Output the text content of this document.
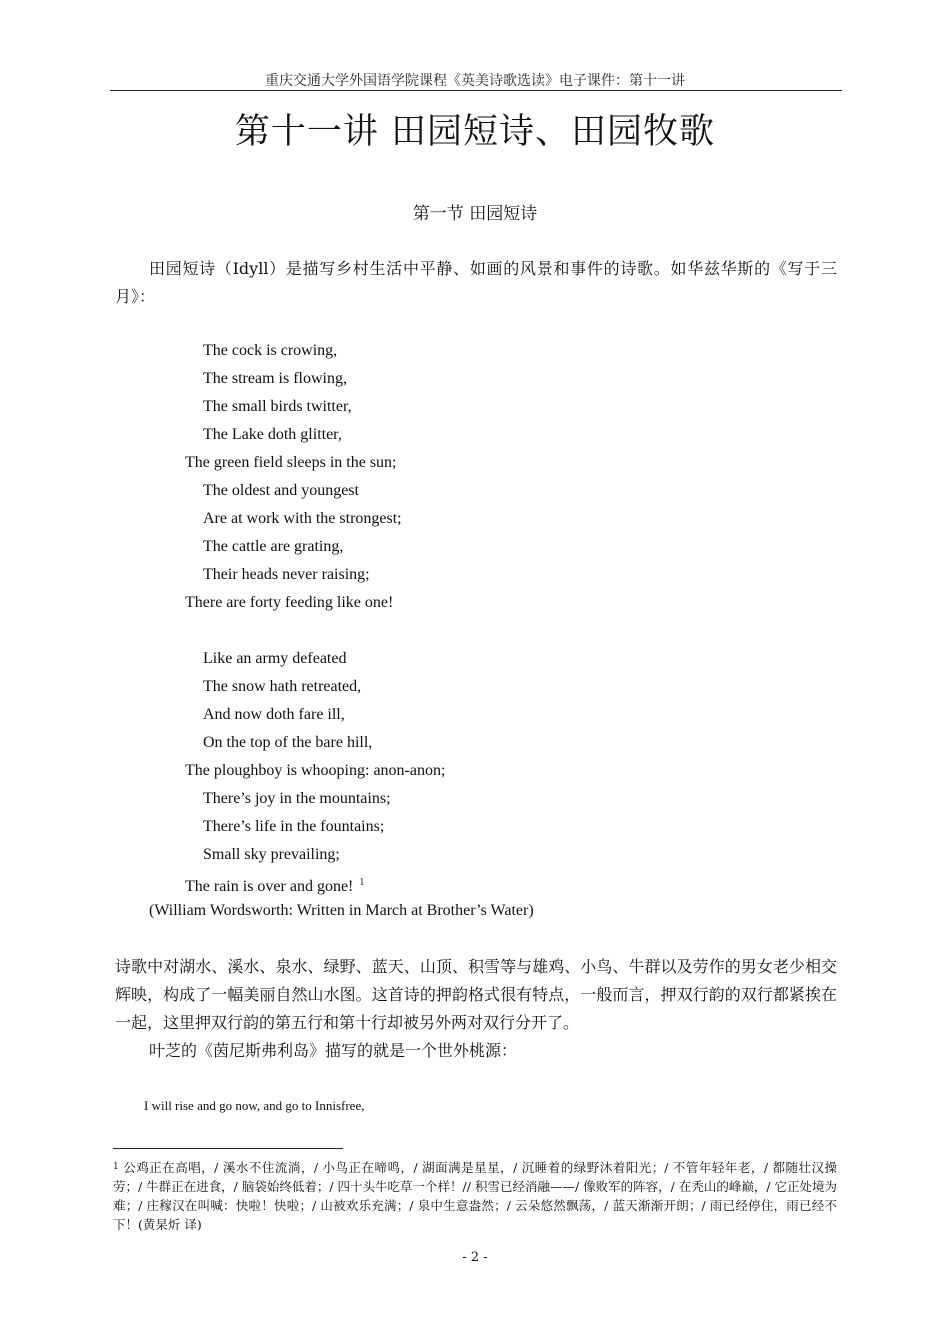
重庆交通大学外国语学院课程《英美诗歌选读》电子课件：第十一讲
第十一讲 田园短诗、田园牧歌
第一节 田园短诗
田园短诗（Idyll）是描写乡村生活中平静、如画的风景和事件的诗歌。如华兹华斯的《写于三月》：
The cock is crowing,
The stream is flowing,
The small birds twitter,
The Lake doth glitter,
The green field sleeps in the sun;
The oldest and youngest
Are at work with the strongest;
The cattle are grating,
Their heads never raising;
There are forty feeding like one!
Like an army defeated
The snow hath retreated,
And now doth fare ill,
On the top of the bare hill,
The ploughboy is whooping: anon-anon;
There’s joy in the mountains;
There’s life in the fountains;
Small sky prevailing;
The rain is over and gone! $^1$
(William Wordsworth: Written in March at Brother’s Water)
诗歌中对湖水、溪水、泉水、绿野、蓝天、山顶、积雪等与雄鸡、小鸟、牛群以及劳作的男女老少相交辉映，构成了一幅美丽自然山水图。这首诗的押韵格式很有特点，一般而言，押双行韵的双行都紧挨在一起，这里押双行韵的第五行和第十行却被另外两对双行分开了。
叶芝的《茵尼斯弗利岛》描写的就是一个世外桃源：
I will rise and go now, and go to Innisfree,
$^1$ 公鸡正在高唱，/ 溪水不住流淌，/ 小鸟正在啼鸣，/ 湖面满是星星，/ 沉睡着的绿野沐着阳光；/ 不管年轻年老，/ 都随壮汉操劳；/ 牛群正在进食，/ 脑袋始终低着；/ 四十头牛吃草一个样！// 积雪已经消融——/ 像败军的阵容，/ 在秃山的峰巅，/ 它正处境为难；/ 庄稼汉在叫喊：快啦！快啦；/ 山被欢乐充满；/ 泉中生意盎然；/ 云朵悠然飘荡，/ 蓝天渐渐开朗；/ 雨已经停住，雨已经不下！(黄杲炘 译)
- 2 -
